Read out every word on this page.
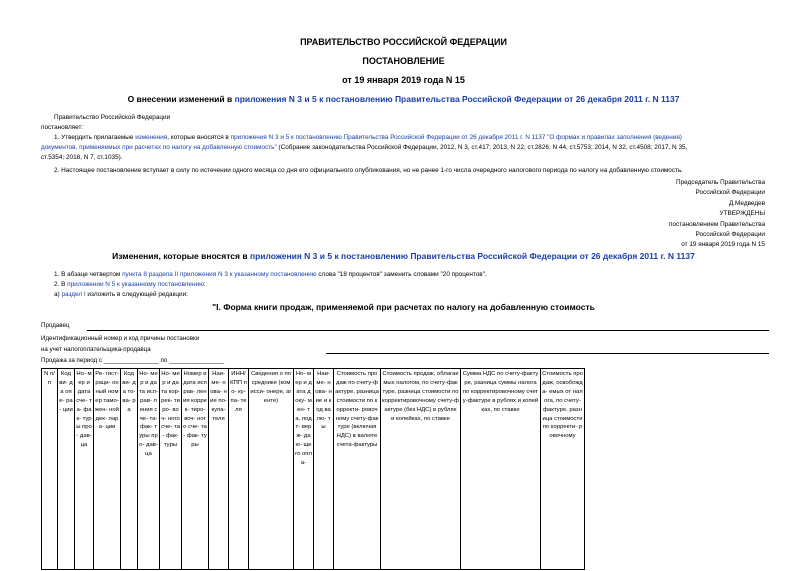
ПРАВИТЕЛЬСТВО РОССИЙСКОЙ ФЕДЕРАЦИИ
ПОСТАНОВЛЕНИЕ
от 19 января 2019 года N 15
О внесении изменений в приложения N 3 и 5 к постановлению Правительства Российской Федерации от 26 декабря 2011 г. N 1137
Правительство Российской Федерации
постановляет:
1. Утвердить прилагаемые изменения, которые вносятся в приложения N 3 и 5 к постановлению Правительства Российской Федерации от 26 декабря 2011 г. N 1137 "О формах и правилах заполнения (ведения)
документов, применяемых при расчетах по налогу на добавленную стоимость" (Собрание законодательства Российской Федерации, 2012, N 3, ст.417; 2013, N 22, ст.2826; N 44, ст.5753; 2014, N 32, ст.4508; 2017, N 35,
ст.5354; 2018, N 7, ст.1035).
2. Настоящее постановление вступает в силу по истечении одного месяца со дня его официального опубликования, но не ранее 1-го числа очередного налогового периода по налогу на добавленную стоимость.
Председатель Правительства
Российской Федерации
Д.Медведев
УТВЕРЖДЕНЫ
постановлением Правительства
Российской Федерации
от 19 января 2019 года N 15
Изменения, которые вносятся в приложения N 3 и 5 к постановлению Правительства Российской Федерации от 26 декабря 2011 г. N 1137
1. В абзаце четвертом пункта 8 раздела II приложения N 3 к указанному постановлению слова "18 процентов" заменить словами "20 процентов".
2. В приложении N 5 к указанному постановлению:
а) раздел I изложить в следующей редакции:
"I. Форма книги продаж, применяемой при расчетах по налогу на добавленную стоимость
Продавец
Идентификационный номер и код причины постановки
на учет налогоплательщика-продавца
Продажа за период с ________________ по ________________
N п/п	Код ви- да опе- ра- ции	Но- мер и дата сче- та- фак- туры про- дав- ца	Ре- гист- раци- онный номер тамо- жен- ной дек- лара- ции	Код ви- да то- ва- ра	Но- мер и дата исп- рав- ления сче- та- фак- туры про- дав- ца	Но- мер и дата кор- рек- тиро- воч- ного сче- та- фак- туры	Номер и дата исправ- ления коррек- тиро- воч- ного сче- та- фак- туры	Наи- ме- нова- ние по- купа- теля	ИНН/ КПП по- ку- па- теля	Сведения о посреднике (комисси- онере, агенте)	Но- мер и дата доку- мен- та, подт- верж- даю- щего опла-	Наи- ме- нова- ние и код валю- ты	Стоимость продаж по счету-фактуре, разница стоимости по корректи- ровочному счету-фактуре (включая НДС) в валюте счета-фактуры	Стоимость продаж, облагаемых налогом, по счету-фактуре, разница стоимости по корректировочному счету-фактуре (без НДС) в рублях и копейках, по ставке	Сумма НДС по счету-фактуре, разница суммы налога по корректировочному счету-фактуре в рублях и копейках, по ставке	Стоимость продаж, освобожда- емых от налога, по счету- фактуре, разница стоимости по корректи- ровочному
